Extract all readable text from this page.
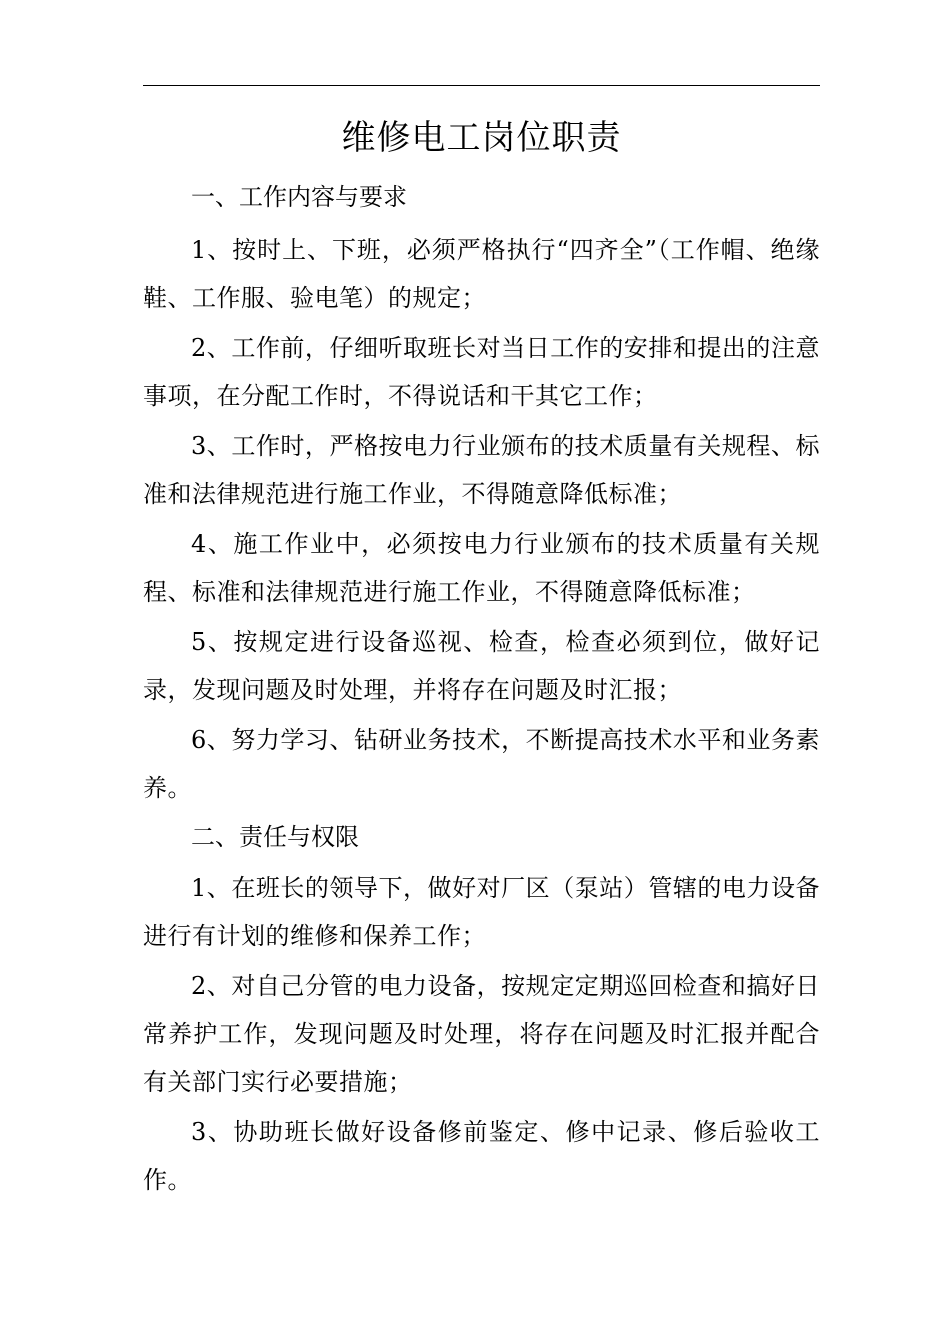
维修电工岗位职责
一、工作内容与要求

1、按时上、下班，必须严格执行“四齐全”（工作帽、绝缘鞋、工作服、验电笔）的规定；

2、工作前，仔细听取班长对当日工作的安排和提出的注意事项，在分配工作时，不得说话和干其它工作；

3、工作时，严格按电力行业颁布的技术质量有关规程、标准和法律规范进行施工作业，不得随意降低标准；

4、施工作业中，必须按电力行业颁布的技术质量有关规程、标准和法律规范进行施工作业，不得随意降低标准；

5、按规定进行设备巡视、检查，检查必须到位，做好记录，发现问题及时处理，并将存在问题及时汇报；

6、努力学习、钻研业务技术，不断提高技术水平和业务素养。

二、责任与权限

1、在班长的领导下，做好对厂区（泵站）管辖的电力设备进行有计划的维修和保养工作；

2、对自己分管的电力设备，按规定定期巡回检查和搞好日常养护工作，发现问题及时处理，将存在问题及时汇报并配合有关部门实行必要措施；

3、协助班长做好设备修前鉴定、修中记录、修后验收工作。
